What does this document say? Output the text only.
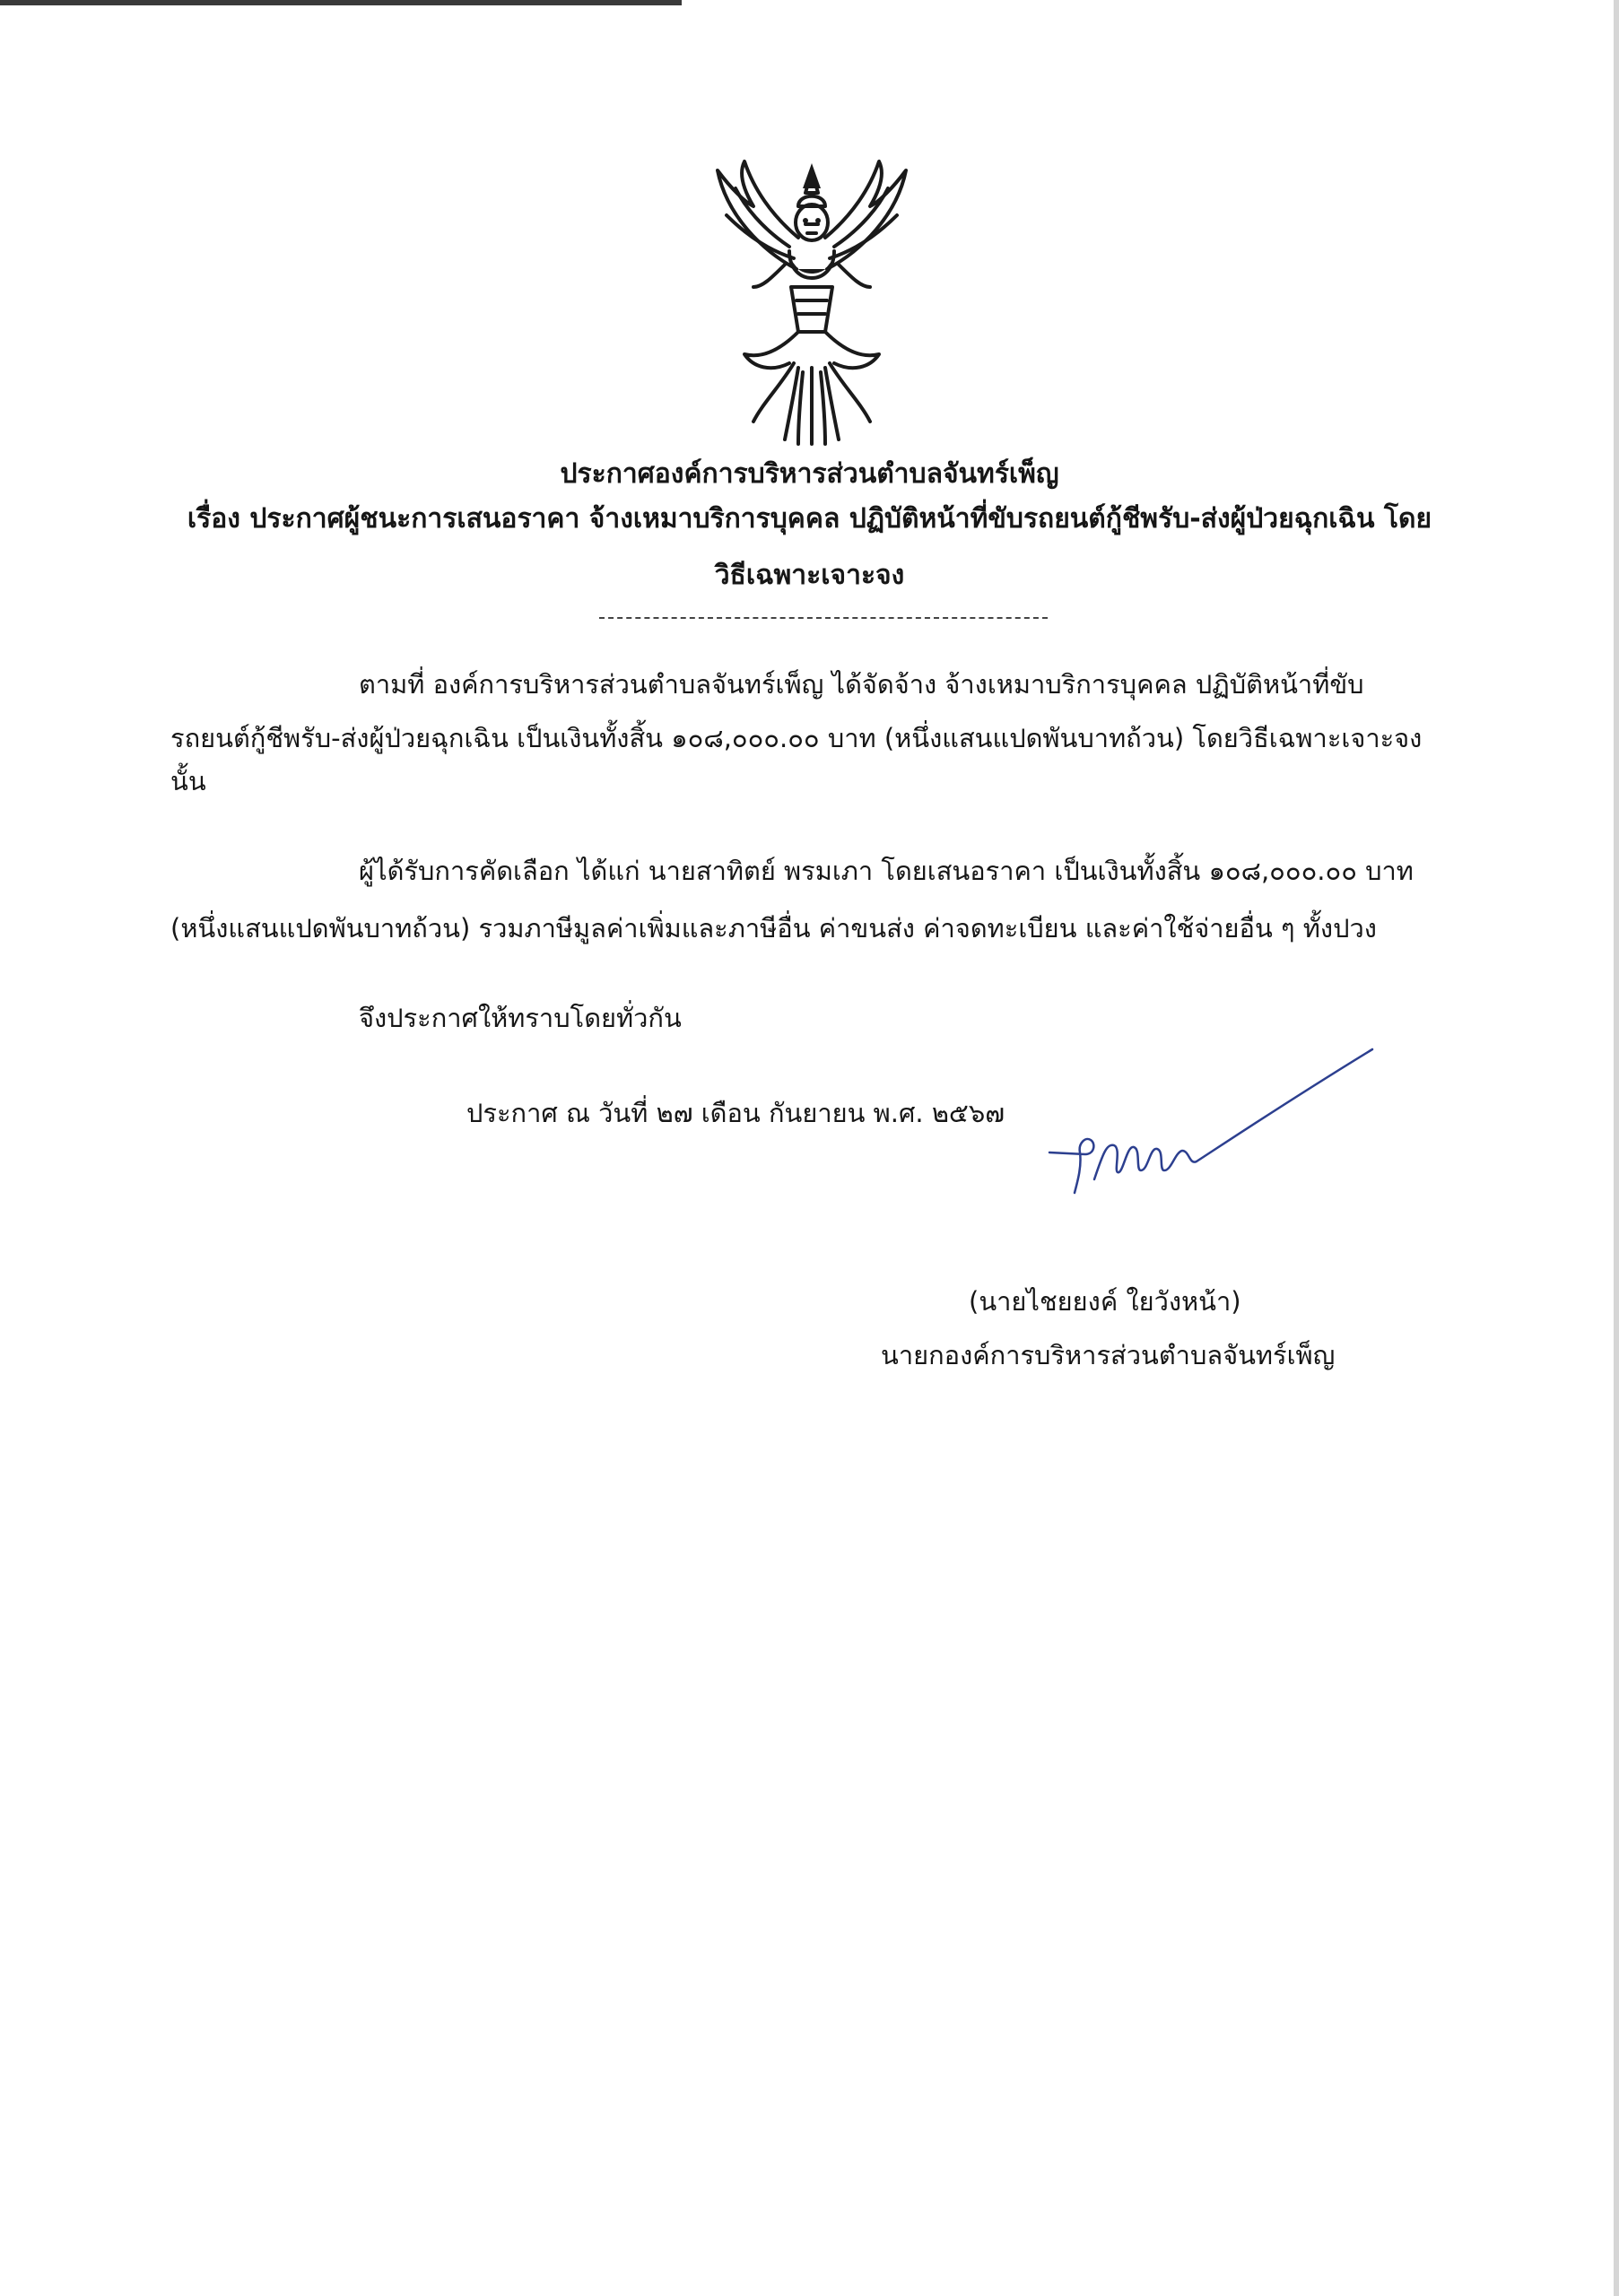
ประกาศองค์การบริหารส่วนตำบลจันทร์เพ็ญ
เรื่อง ประกาศผู้ชนะการเสนอราคา จ้างเหมาบริการบุคคล ปฏิบัติหน้าที่ขับรถยนต์กู้ชีพรับ-ส่งผู้ป่วยฉุกเฉิน โดย
วิธีเฉพาะเจาะจง
ตามที่ องค์การบริหารส่วนตำบลจันทร์เพ็ญ ได้จัดจ้าง จ้างเหมาบริการบุคคล ปฏิบัติหน้าที่ขับ
รถยนต์กู้ชีพรับ-ส่งผู้ป่วยฉุกเฉิน เป็นเงินทั้งสิ้น ๑๐๘,๐๐๐.๐๐ บาท (หนึ่งแสนแปดพันบาทถ้วน) โดยวิธีเฉพาะเจาะจง
นั้น
ผู้ได้รับการคัดเลือก ได้แก่ นายสาทิตย์ พรมเภา โดยเสนอราคา เป็นเงินทั้งสิ้น ๑๐๘,๐๐๐.๐๐ บาท
(หนึ่งแสนแปดพันบาทถ้วน) รวมภาษีมูลค่าเพิ่มและภาษีอื่น ค่าขนส่ง ค่าจดทะเบียน และค่าใช้จ่ายอื่น ๆ ทั้งปวง
จึงประกาศให้ทราบโดยทั่วกัน
ประกาศ ณ วันที่ ๒๗ เดือน กันยายน พ.ศ. ๒๕๖๗
(นายไชยยงค์ ใยวังหน้า)
นายกองค์การบริหารส่วนตำบลจันทร์เพ็ญ
